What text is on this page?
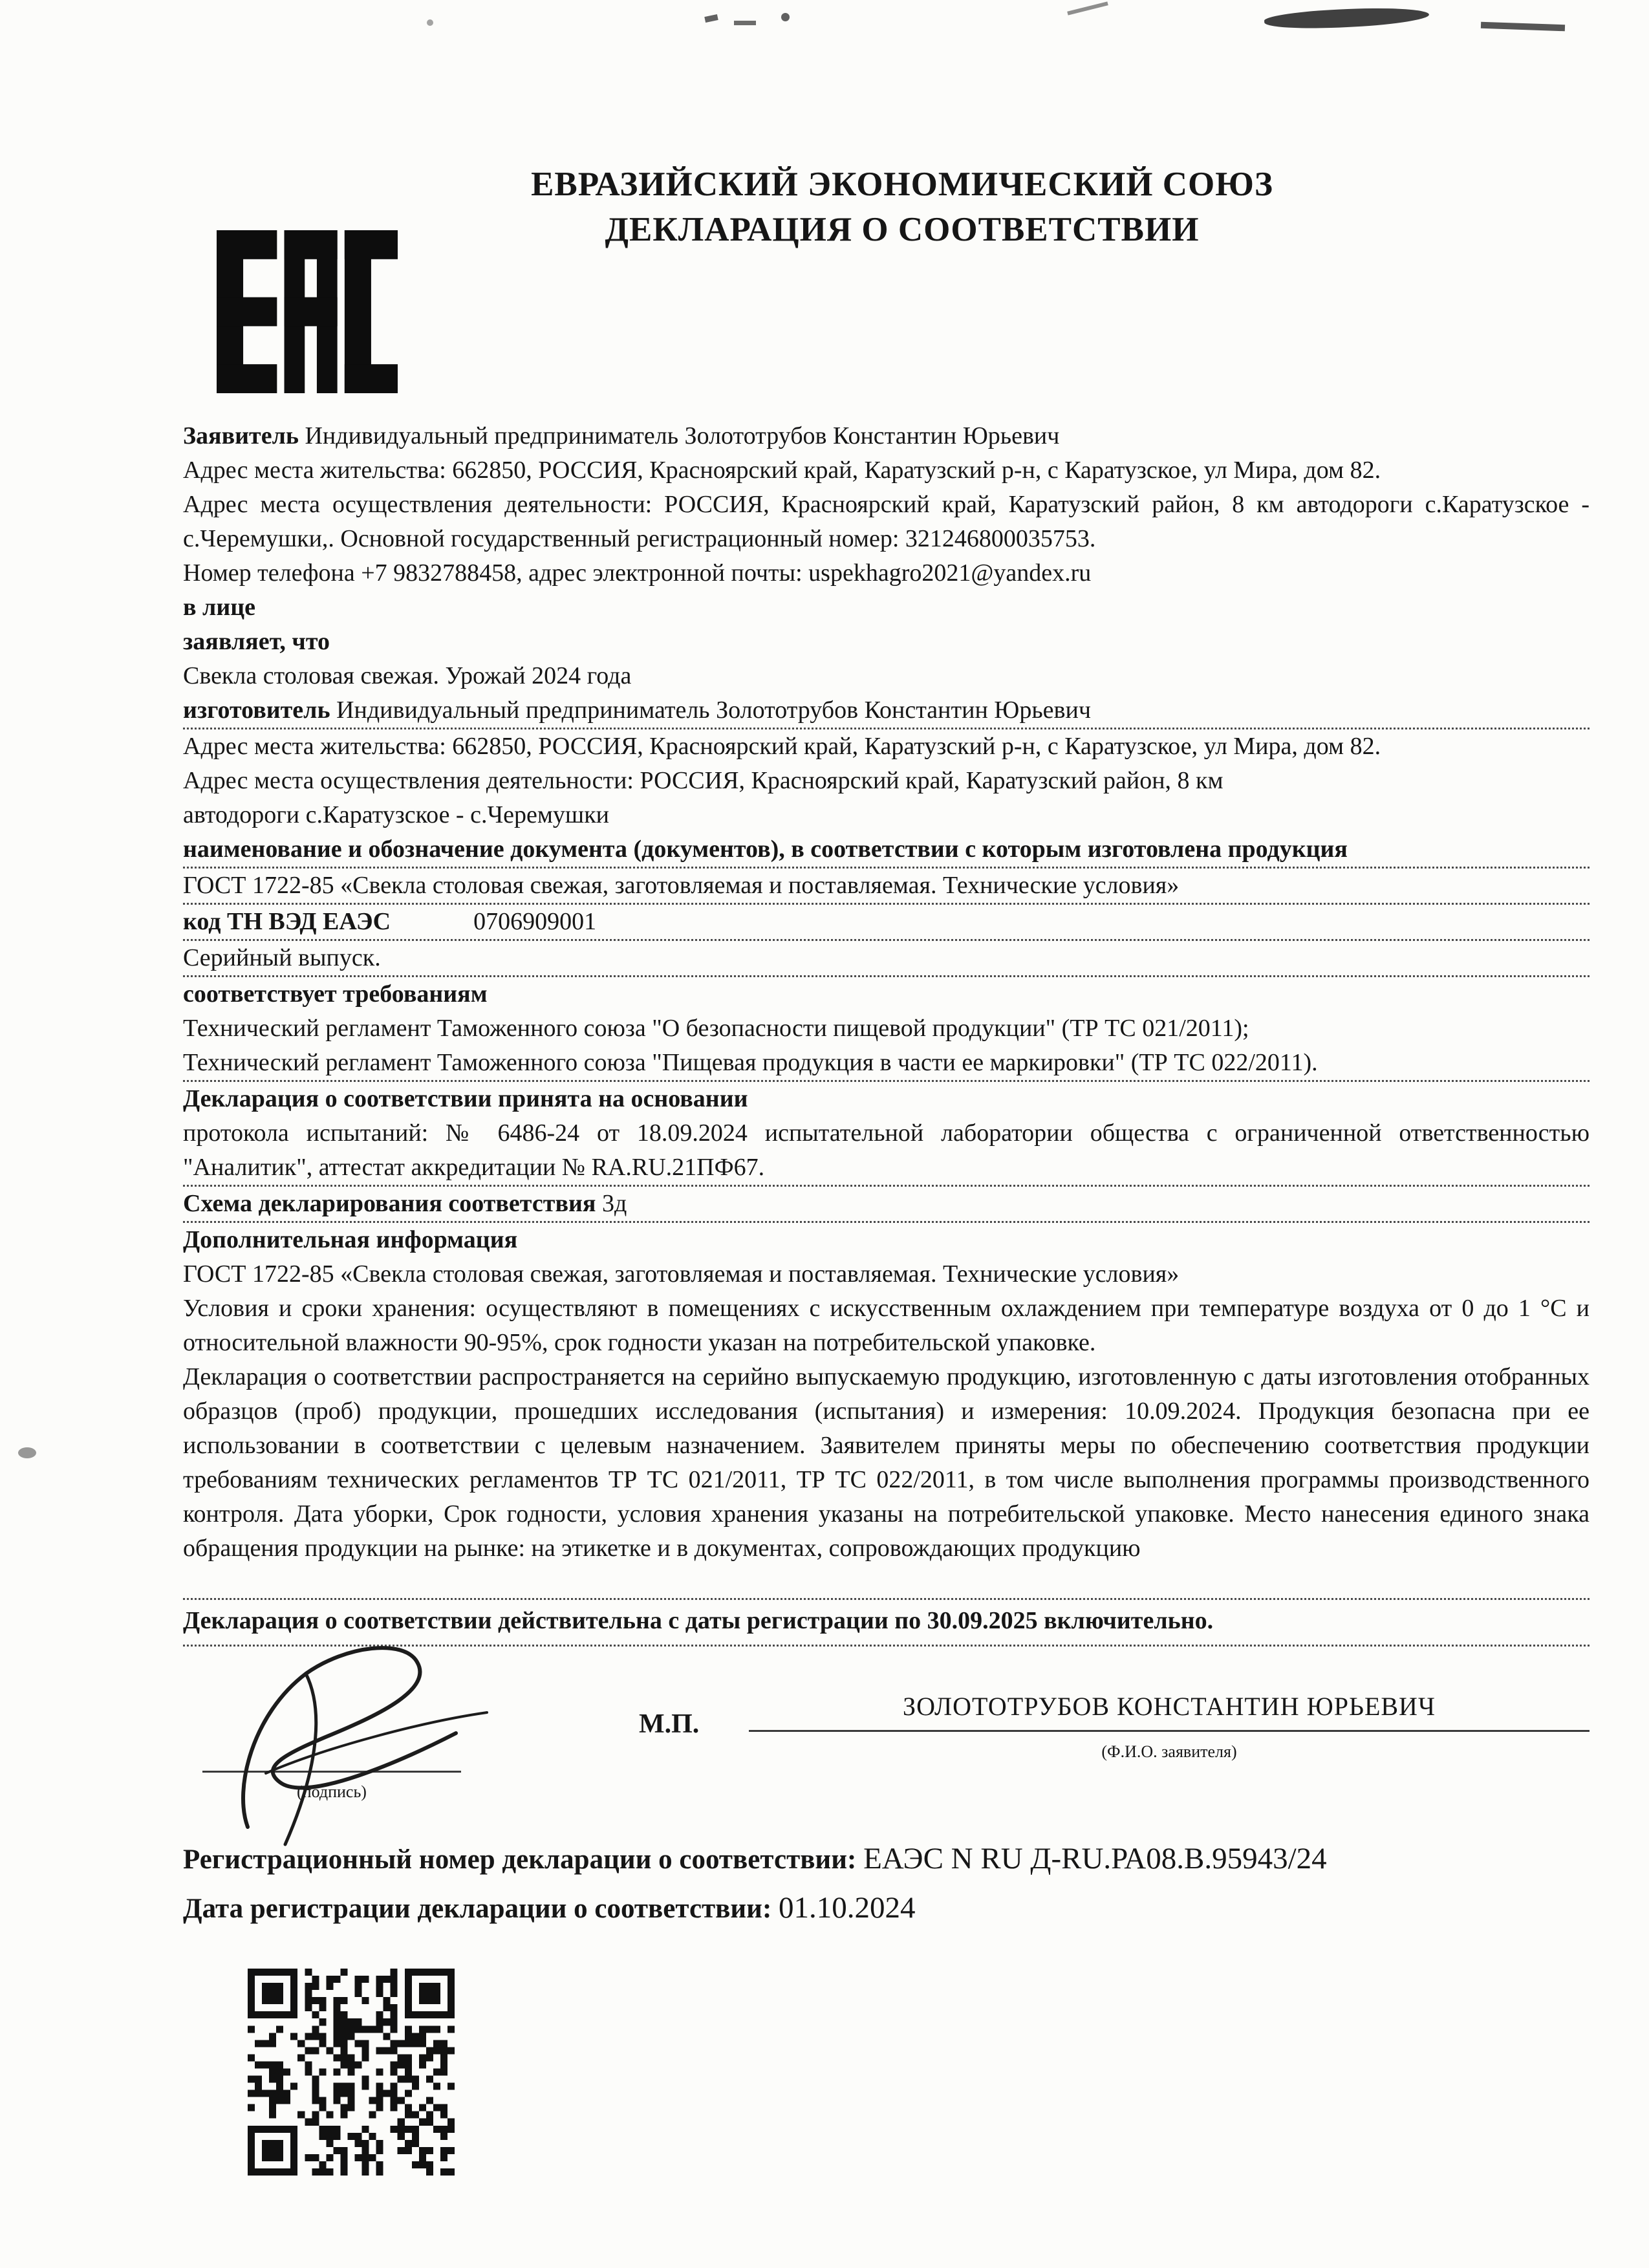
ЕВРАЗИЙСКИЙ ЭКОНОМИЧЕСКИЙ СОЮЗ
ДЕКЛАРАЦИЯ О СООТВЕТСТВИИ

Заявитель Индивидуальный предприниматель Золототрубов Константин Юрьевич

Адрес места жительства: 662850, РОССИЯ, Красноярский край, Каратузский р-н, с Каратузское, ул Мира, дом 82.

Адрес места осуществления деятельности: РОССИЯ, Красноярский край, Каратузский район, 8 км автодороги с.Каратузское - с.Черемушки,. Основной государственный регистрационный номер: 321246800035753.

Номер телефона +7 9832788458, адрес электронной почты: uspekhagro2021@yandex.ru

в лице

заявляет, что

Свекла столовая свежая. Урожай 2024 года

изготовитель Индивидуальный предприниматель Золототрубов Константин Юрьевич

Адрес места жительства: 662850, РОССИЯ, Красноярский край, Каратузский р-н, с Каратузское, ул Мира, дом 82.

Адрес места осуществления деятельности: РОССИЯ, Красноярский край, Каратузский район, 8 км

автодороги с.Каратузское - с.Черемушки

наименование и обозначение документа (документов), в соответствии с которым изготовлена продукция

ГОСТ 1722-85 «Свекла столовая свежая, заготовляемая и поставляемая. Технические условия»

код ТН ВЭД ЕАЭС	0706909001

Серийный выпуск.

соответствует требованиям

Технический регламент Таможенного союза "О безопасности пищевой продукции" (ТР ТС 021/2011);

Технический регламент Таможенного союза "Пищевая продукция в части ее маркировки" (ТР ТС 022/2011).

Декларация о соответствии принята на основании

протокола испытаний: № 6486-24 от 18.09.2024 испытательной лаборатории общества с ограниченной ответственностью "Аналитик", аттестат аккредитации № RA.RU.21ПФ67.

Схема декларирования соответствия 3д

Дополнительная информация

ГОСТ 1722-85 «Свекла столовая свежая, заготовляемая и поставляемая. Технические условия»

Условия и сроки хранения: осуществляют в помещениях с искусственным охлаждением при температуре воздуха от 0 до 1 °С и относительной влажности 90-95%, срок годности указан на потребительской упаковке.

Декларация о соответствии распространяется на серийно выпускаемую продукцию, изготовленную с даты изготовления отобранных образцов (проб) продукции, прошедших исследования (испытания) и измерения: 10.09.2024. Продукция безопасна при ее использовании в соответствии с целевым назначением. Заявителем приняты меры по обеспечению соответствия продукции требованиям технических регламентов ТР ТС 021/2011, ТР ТС 022/2011, в том числе выполнения программы производственного контроля. Дата уборки, Срок годности, условия хранения указаны на потребительской упаковке. Место нанесения единого знака обращения продукции на рынке: на этикетке и в документах, сопровождающих продукцию

Декларация о соответствии действительна с даты регистрации по 30.09.2025 включительно.

(подпись)
М.П.
ЗОЛОТОТРУБОВ КОНСТАНТИН ЮРЬЕВИЧ
(Ф.И.О. заявителя)

Регистрационный номер декларации о соответствии: ЕАЭС N RU Д-RU.РА08.В.95943/24

Дата регистрации декларации о соответствии: 01.10.2024
